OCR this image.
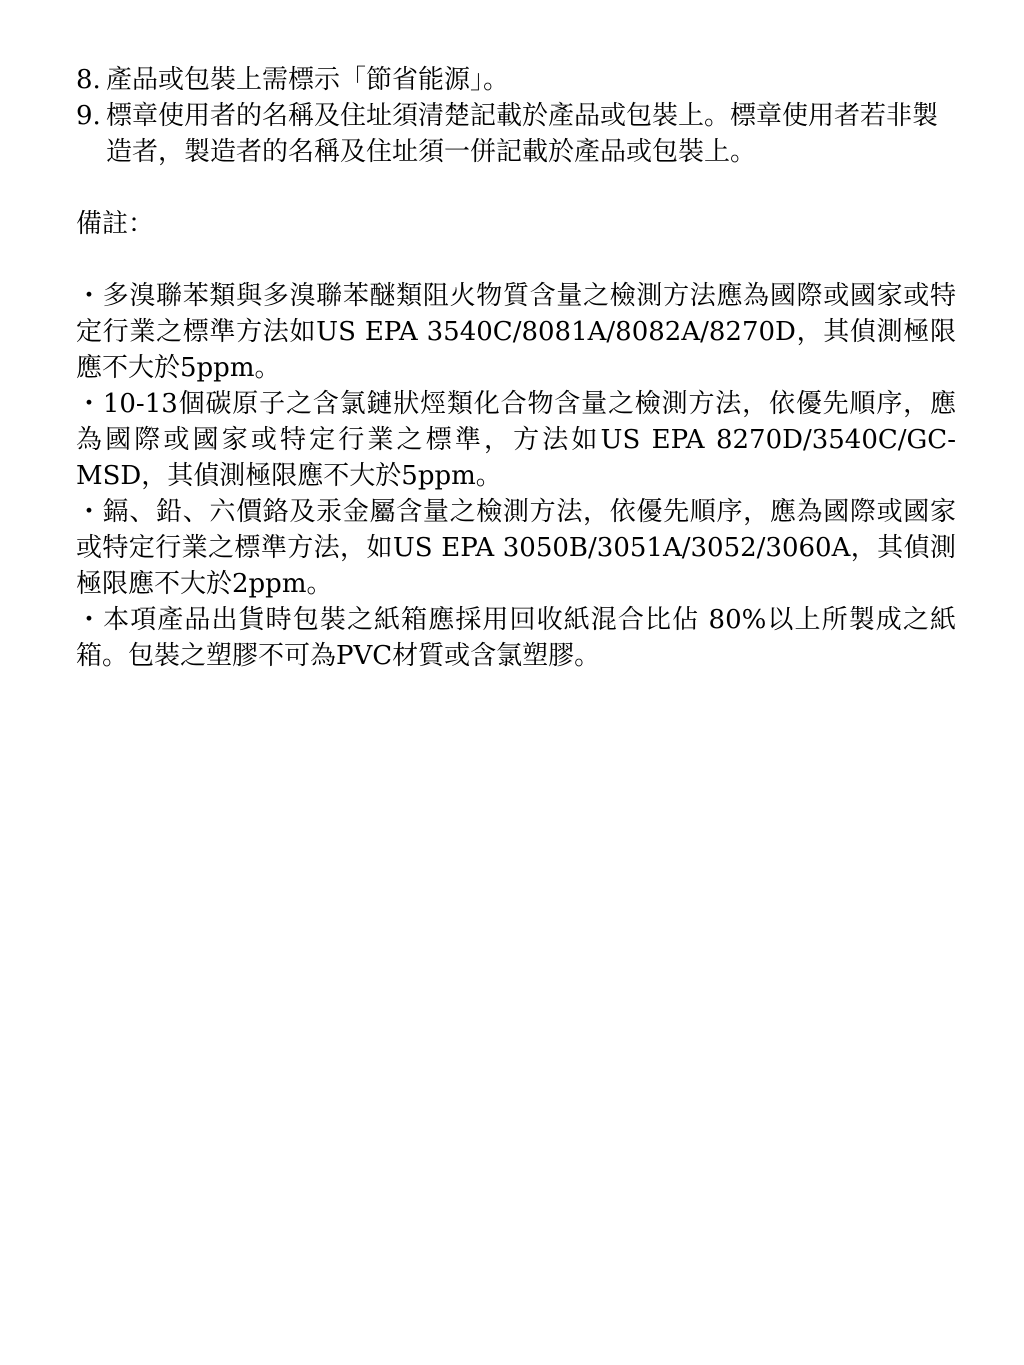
8. 產品或包裝上需標示「節省能源」。
9. 標章使用者的名稱及住址須清楚記載於產品或包裝上。標章使用者若非製造者，製造者的名稱及住址須一併記載於產品或包裝上。
備註：
・多溴聯苯類與多溴聯苯醚類阻火物質含量之檢測方法應為國際或國家或特定行業之標準方法如US EPA 3540C/8081A/8082A/8270D，其偵測極限應不大於5ppm。
・10-13個碳原子之含氯鏈狀烴類化合物含量之檢測方法，依優先順序，應為國際或國家或特定行業之標準，方法如US EPA 8270D/3540C/GC-MSD，其偵測極限應不大於5ppm。
・鎘、鉛、六價鉻及汞金屬含量之檢測方法，依優先順序，應為國際或國家或特定行業之標準方法，如US EPA 3050B/3051A/3052/3060A，其偵測極限應不大於2ppm。
・本項產品出貨時包裝之紙箱應採用回收紙混合比佔 80%以上所製成之紙箱。包裝之塑膠不可為PVC材質或含氯塑膠。
